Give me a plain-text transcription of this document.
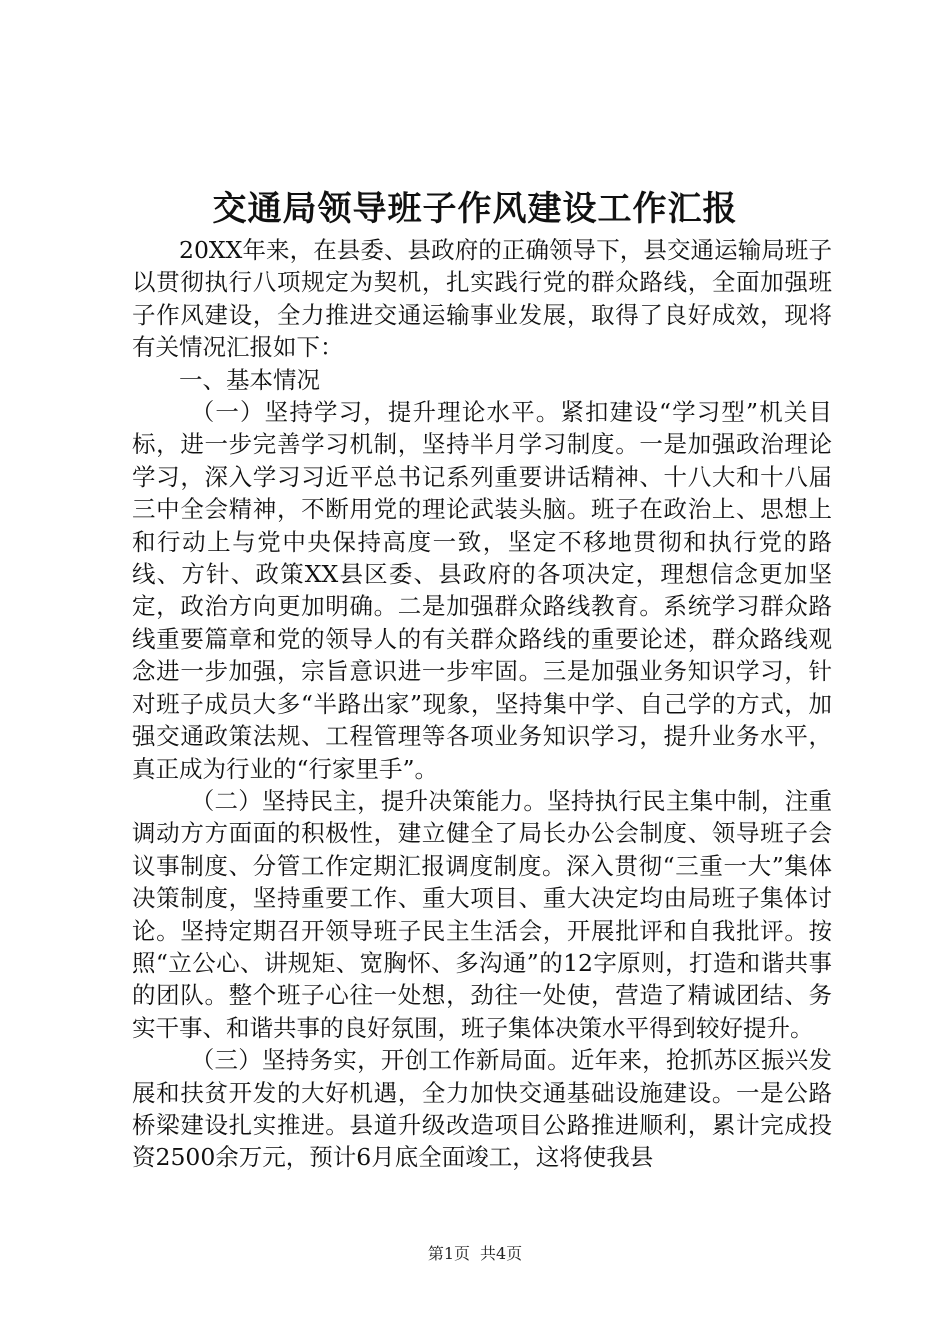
交通局领导班子作风建设工作汇报

20XX年来，在县委、县政府的正确领导下，县交通运输局班子以贯彻执行八项规定为契机，扎实践行党的群众路线，全面加强班子作风建设，全力推进交通运输事业发展，取得了良好成效，现将有关情况汇报如下：

一、基本情况

（一）坚持学习，提升理论水平。紧扣建设“学习型”机关目标，进一步完善学习机制，坚持半月学习制度。一是加强政治理论学习，深入学习习近平总书记系列重要讲话精神、十八大和十八届三中全会精神，不断用党的理论武装头脑。班子在政治上、思想上和行动上与党中央保持高度一致，坚定不移地贯彻和执行党的路线、方针、政策XX县区委、县政府的各项决定，理想信念更加坚定，政治方向更加明确。二是加强群众路线教育。系统学习群众路线重要篇章和党的领导人的有关群众路线的重要论述，群众路线观念进一步加强，宗旨意识进一步牢固。三是加强业务知识学习，针对班子成员大多“半路出家”现象，坚持集中学、自己学的方式，加强交通政策法规、工程管理等各项业务知识学习，提升业务水平，真正成为行业的“行家里手”。

（二）坚持民主，提升决策能力。坚持执行民主集中制，注重调动方方面面的积极性，建立健全了局长办公会制度、领导班子会议事制度、分管工作定期汇报调度制度。深入贯彻“三重一大”集体决策制度，坚持重要工作、重大项目、重大决定均由局班子集体讨论。坚持定期召开领导班子民主生活会，开展批评和自我批评。按照“立公心、讲规矩、宽胸怀、多沟通”的12字原则，打造和谐共事的团队。整个班子心往一处想，劲往一处使，营造了精诚团结、务实干事、和谐共事的良好氛围，班子集体决策水平得到较好提升。

（三）坚持务实，开创工作新局面。近年来，抢抓苏区振兴发展和扶贫开发的大好机遇，全力加快交通基础设施建设。一是公路桥梁建设扎实推进。县道升级改造项目公路推进顺利，累计完成投资2500余万元，预计6月底全面竣工，这将使我县

第1页 共4页
